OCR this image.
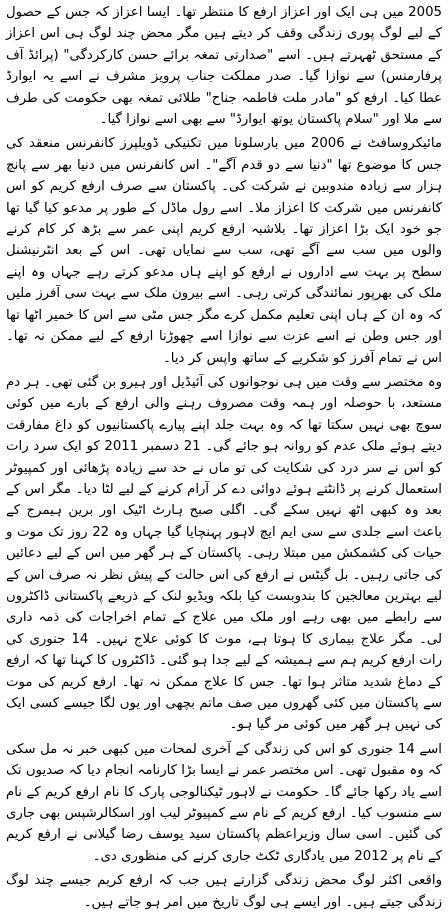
2005 میں ہی ایک اور اعزاز ارفع کا منتظر تھا۔ ایسا اعزاز کہ جس کے حصول کے لیے لوگ پوری زندگی وقف کر دیتے ہیں مگر محض چند لوگ ہی اس اعزاز کے مستحق ٹھہرتے ہیں۔ اسے "صدارتی تمغہ برائے حسن کارکردگی" (پرائڈ آف پرفارمنس) سے نوازا گیا۔ صدر مملکت جناب پرویز مشرف نے اسے یہ ایوارڈ عطا کیا۔ ارفع کو "مادر ملت فاطمہ جناح" طلائی تمغہ بھی حکومت کی طرف سے ملا اور "سلام پاکستان یوتھ ایوارڈ" سے بھی اسے نوازا گیا۔

مائیکروسافٹ نے 2006 میں بارسلونا میں تکنیکی ڈویلپرز کانفرنس منعقد کی جس کا موضوع تھا "دنیا سے دو قدم آگے"۔ اس کانفرنس میں دنیا بھر سے پانچ ہزار سے زیادہ مندوبین نے شرکت کی۔ پاکستان سے صرف ارفع کریم کو اس کانفرنس میں شرکت کا اعزاز ملا۔ اسے رول ماڈل کے طور پر مدعو کیا گیا تھا جو خود ایک بڑا اعزاز تھا۔ بلاشبہ ارفع کریم اپنی عمر سے بڑھ کر کام کرنے والوں میں سب سے آگے تھی، سب سے نمایاں تھی۔ اس کے بعد انٹرنیشنل سطح پر بہت سے اداروں نے ارفع کو اپنے ہاں مدعو کرتے رہے جہاں وہ اپنے ملک کی بھرپور نمائندگی کرتی رہی۔ اسے بیرون ملک سے بہت سی آفرز ملیں کہ وہ ان کے ہاں اپنی تعلیم مکمل کرے مگر جس مٹی سے اس کا خمیر اٹھا تھا اور جس وطن نے اسے عزت سے نوازا اسے چھوڑنا ارفع کے لیے ممکن نہ تھا۔ اس نے تمام آفرز کو شکریے کے ساتھ واپس کر دیا۔

وہ مختصر سے وقت میں ہی نوجوانوں کی آئیڈیل اور ہیرو بن گئی تھی۔ ہر دم مستعد، با حوصلہ اور ہمہ وقت مصروف رہنے والی ارفع کے بارے میں کوئی سوچ بھی نہیں سکتا تھا کہ وہ بہت جلد اپنے پیارے پاکستانیوں کو داغ مفارقت دیتے ہوئے ملک عدم کو روانہ ہو جائے گی۔ 21 دسمبر 2011 کو ایک سرد رات کو اس نے سر درد کی شکایت کی تو ماں نے حد سے زیادہ پڑھائی اور کمپیوٹر استعمال کرنے پر ڈانٹتے ہوئے دوائی دے کر آرام کرنے کے لیے لٹا دیا۔ مگر اس کے بعد وہ کبھی اٹھ نہیں سکے گی۔ اگلی صبح ہارٹ اٹیک اور برین ہیمرج کے باعث اسے جلدی سے سی ایم ایچ لاہور پہنچایا گیا جہاں وہ 22 روز تک موت و حیات کی کشمکش میں مبتلا رہی۔ پاکستان کے ہر گھر میں اس کے لیے دعائیں کی جاتی رہیں۔ بل گیٹس نے ارفع کی اس حالت کے پیش نظر نہ صرف اس کے لیے بہترین معالجین کا بندوبست کیا بلکہ ویڈیو لنک کے ذریعے پاکستانی ڈاکٹروں سے رابطے میں بھی رہے اور ملک میں علاج کے تمام اخراجات کی ذمہ داری لی۔ مگر علاج بیماری کا ہوتا ہے، موت کا کوئی علاج نہیں۔ 14 جنوری کی رات ارفع کریم ہم سے ہمیشہ کے لیے جدا ہو گئی۔ ڈاکٹروں کا کہنا تھا کہ ارفع کے دماغ شدید متاثر ہوا تھا۔ جس کا علاج ممکن نہ تھا۔ ارفع کریم کی موت سے پاکستان میں کئی گھروں میں صف ماتم بچھی اور یوں لگا جیسے کسی ایک کی نہیں ہر گھر میں کوئی مر گیا ہو۔

اسے 14 جنوری کو اس کی زندگی کے آخری لمحات میں کبھی خبر نہ مل سکی کہ وہ مقبول تھی۔ اس مختصر عمر نے ایسا بڑا کارنامہ انجام دیا کہ صدیوں تک اسے یاد رکھا جائے گا۔ حکومت نے لاہور ٹیکنالوجی پارک کا نام ارفع کریم کے نام سے منسوب کیا۔ ارفع کریم کے نام سے کمپیوٹر لیب اور اسکالرشپس بھی جاری کی گئیں۔ اسی سال وزیراعظم پاکستان سید یوسف رضا گیلانی نے ارفع کریم کے نام پر 2012 میں یادگاری ٹکٹ جاری کرنے کی منظوری دی۔

واقعی اکثر لوگ محض زندگی گزارتے ہیں جب کہ ارفع کریم جیسے چند لوگ زندگی جیتے ہیں۔ اور ایسے ہی لوگ تاریخ میں امر ہو جاتے ہیں۔
